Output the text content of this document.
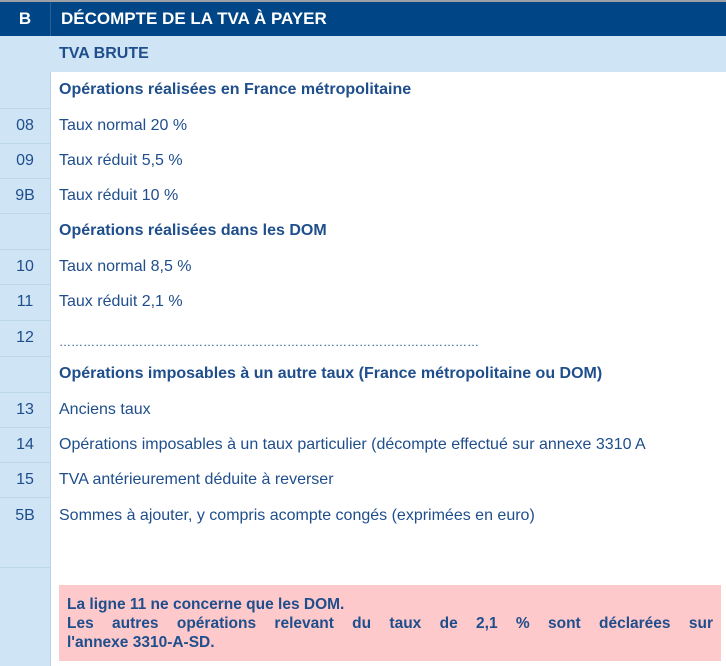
B	DÉCOMPTE DE LA TVA À PAYER
TVA BRUTE
Opérations réalisées en France métropolitaine
08	Taux normal 20 %
09	Taux réduit 5,5 %
9B	Taux réduit 10 %
Opérations réalisées dans les DOM
10	Taux normal 8,5 %
11	Taux réduit 2,1 %
12	……………………………………………………………………………………………
Opérations imposables à un autre taux (France métropolitaine ou DOM)
13	Anciens taux
14	Opérations imposables à un taux particulier (décompte effectué sur annexe 3310 A
15	TVA antérieurement déduite à reverser
5B	Sommes à ajouter, y compris acompte congés (exprimées en euro)

La ligne 11 ne concerne que les DOM.

Les autres opérations relevant du taux de 2,1 % sont déclarées sur

l'annexe 3310-A-SD.
